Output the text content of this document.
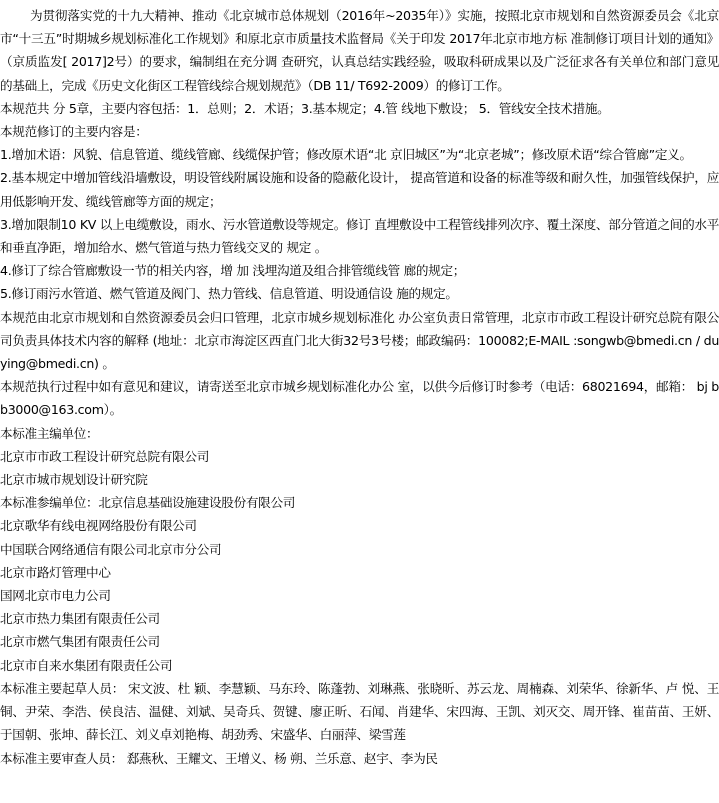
为贯彻落实党的十九大精神、推动《北京城市总体规划（2016年~2035年）》实施，按照北京市规划和自然资源委员会《北京市“十三五”时期城乡规划标准化工作规划》和原北京市质量技术监督局《关于印发 2017年北京市地方标 准制修订项目计划的通知》（京质监发[ 2017]2号）的要求，编制组在充分调 查研究，认真总结实践经验，吸取科研成果以及广泛征求各有关单位和部门意见的基础上，完成《历史文化街区工程管线综合规划规范》（DB 11/ T692-2009）的修订工作。

本规范共 分 5章，主要内容包括：1．总则；2．术语；3.基本规定；4.管 线地下敷设； 5．管线安全技术措施。

本规范修订的主要内容是：

1.增加术语：风貌、信息管道、缆线管廊、线缆保护管；修改原术语“北 京旧城区”为“北京老城”；修改原术语“综合管廊”定义。

2.基本规定中增加管线沿墙敷设，明设管线附属设施和设备的隐蔽化设计， 提高管道和设备的标准等级和耐久性，加强管线保护，应用低影响开发、缆线管廊等方面的规定；

3.增加限制10 KV 以上电缆敷设，雨水、污水管道敷设等规定。修订 直埋敷设中工程管线排列次序、覆土深度、部分管道之间的水平和垂直净距，增加给水、燃气管道与热力管线交叉的 规定 。

4.修订了综合管廊敷设一节的相关内容，增 加 浅埋沟道及组合排管缆线管 廊的规定；

5.修订雨污水管道、燃气管道及阀门、热力管线、信息管道、明设通信设 施的规定。

本规范由北京市规划和自然资源委员会归口管理，北京市城乡规划标准化 办公室负责日常管理，北京市市政工程设计研究总院有限公司负责具体技术内容的解释 (地址：北京市海淀区西直门北大街32号3号楼；邮政编码：100082;E-MAIL :songwb@bmedi.cn / duying@bmedi.cn) 。

本规范执行过程中如有意见和建议，请寄送至北京市城乡规划标准化办公 室，以供今后修订时参考（电话：68021694，邮箱： bj bb3000@163.com）。

本标准主编单位：

北京市市政工程设计研究总院有限公司

北京市城市规划设计研究院

本标准参编单位：北京信息基础设施建设股份有限公司

北京歌华有线电视网络股份有限公司

中国联合网络通信有限公司北京市分公司

北京市路灯管理中心

国网北京市电力公司

北京市热力集团有限责任公司

北京市燃气集团有限责任公司

北京市自来水集团有限责任公司

本标准主要起草人员： 宋文波、杜 颖、李慧颖、马东玲、陈蓬勃、刘琳燕、张晓昕、苏云龙、周楠森、刘荣华、徐新华、卢 悦、王铜、尹荣、李浩、侯良洁、温健、刘斌、吴奇兵、贺键、廖正昕、石闻、肖建华、宋四海、王凯、刘灭交、周开锋、崔苗苗、王妍、于国朝、张坤、薛长江、刘义卓刘艳梅、胡劲秀、宋盛华、白丽萍、梁雪莲

本标准主要审查人员： 郄燕秋、王耀文、王增义、杨 朔、兰乐意、赵宇、李为民
